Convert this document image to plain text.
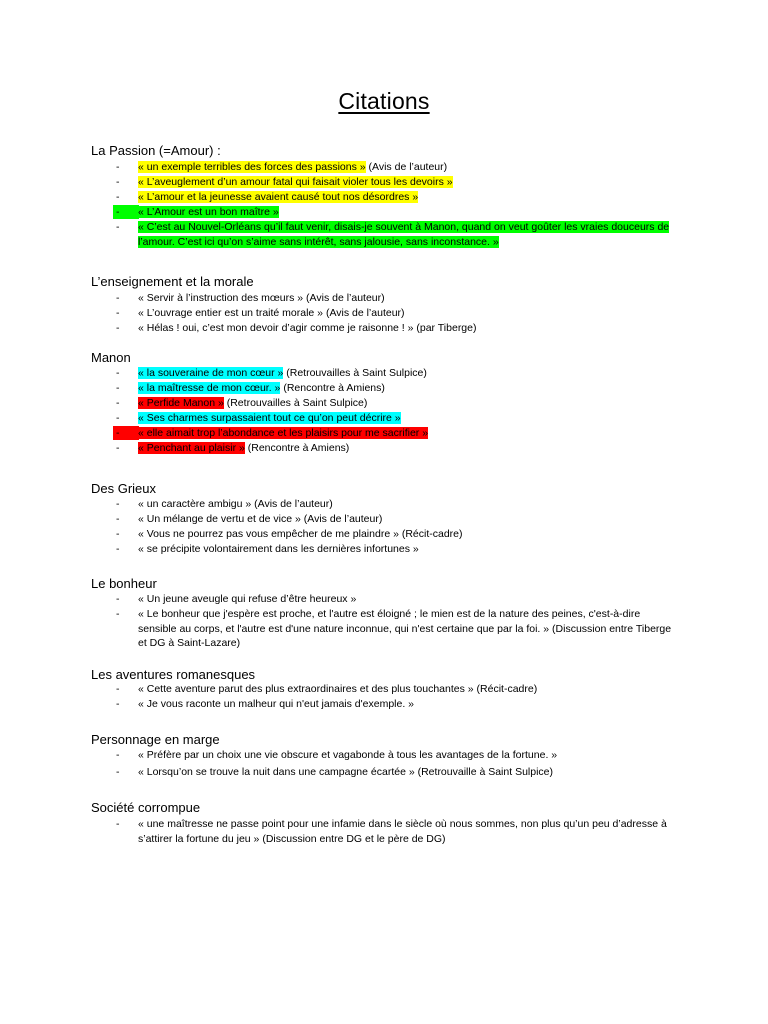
Citations
La Passion (=Amour) :
- « un exemple terribles des forces des passions » (Avis de l’auteur)
- « L’aveuglement d’un amour fatal qui faisait violer tous les devoirs »
- « L’amour et la jeunesse avaient causé tout nos désordres »
- « L’Amour est un bon maître »
- « C’est au Nouvel-Orléans qu’il faut venir, disais-je souvent à Manon, quand on veut goûter les vraies douceurs de l’amour. C’est ici qu’on s’aime sans intérêt, sans jalousie, sans inconstance. »
L’enseignement et la morale
- « Servir à l’instruction des mœurs » (Avis de l’auteur)
- « L’ouvrage entier est un traité morale » (Avis de l’auteur)
- « Hélas ! oui, c’est mon devoir d’agir comme je raisonne ! » (par Tiberge)
Manon
- « la souveraine de mon cœur » (Retrouvailles à Saint Sulpice)
- « la maîtresse de mon cœur. » (Rencontre à Amiens)
- « Perfide Manon » (Retrouvailles à Saint Sulpice)
- « Ses charmes surpassaient tout ce qu’on peut décrire »
- « elle aimait trop l’abondance et les plaisirs pour me sacrifier »
- « Penchant au plaisir » (Rencontre à Amiens)
Des Grieux
- « un caractère ambigu » (Avis de l’auteur)
- « Un mélange de vertu et de vice » (Avis de l’auteur)
- « Vous ne pourrez pas vous empêcher de me plaindre » (Récit-cadre)
- « se précipite volontairement dans les dernières infortunes »
Le bonheur
- « Un jeune aveugle qui refuse d’être heureux »
- « Le bonheur que j'espère est proche, et l'autre est éloigné ; le mien est de la nature des peines, c'est-à-dire sensible au corps, et l'autre est d'une nature inconnue, qui n'est certaine que par la foi. » (Discussion entre Tiberge et DG à Saint-Lazare)
Les aventures romanesques
- « Cette aventure parut des plus extraordinaires et des plus touchantes » (Récit-cadre)
- « Je vous raconte un malheur qui n'eut jamais d'exemple. »
Personnage en marge
- « Préfère par un choix une vie obscure et vagabonde à tous les avantages de la fortune. »
- « Lorsqu’on se trouve la nuit dans une campagne écartée » (Retrouvaille à Saint Sulpice)
Société corrompue
- « une maîtresse ne passe point pour une infamie dans le siècle où nous sommes, non plus qu’un peu d’adresse à s’attirer la fortune du jeu » (Discussion entre DG et le père de DG)
